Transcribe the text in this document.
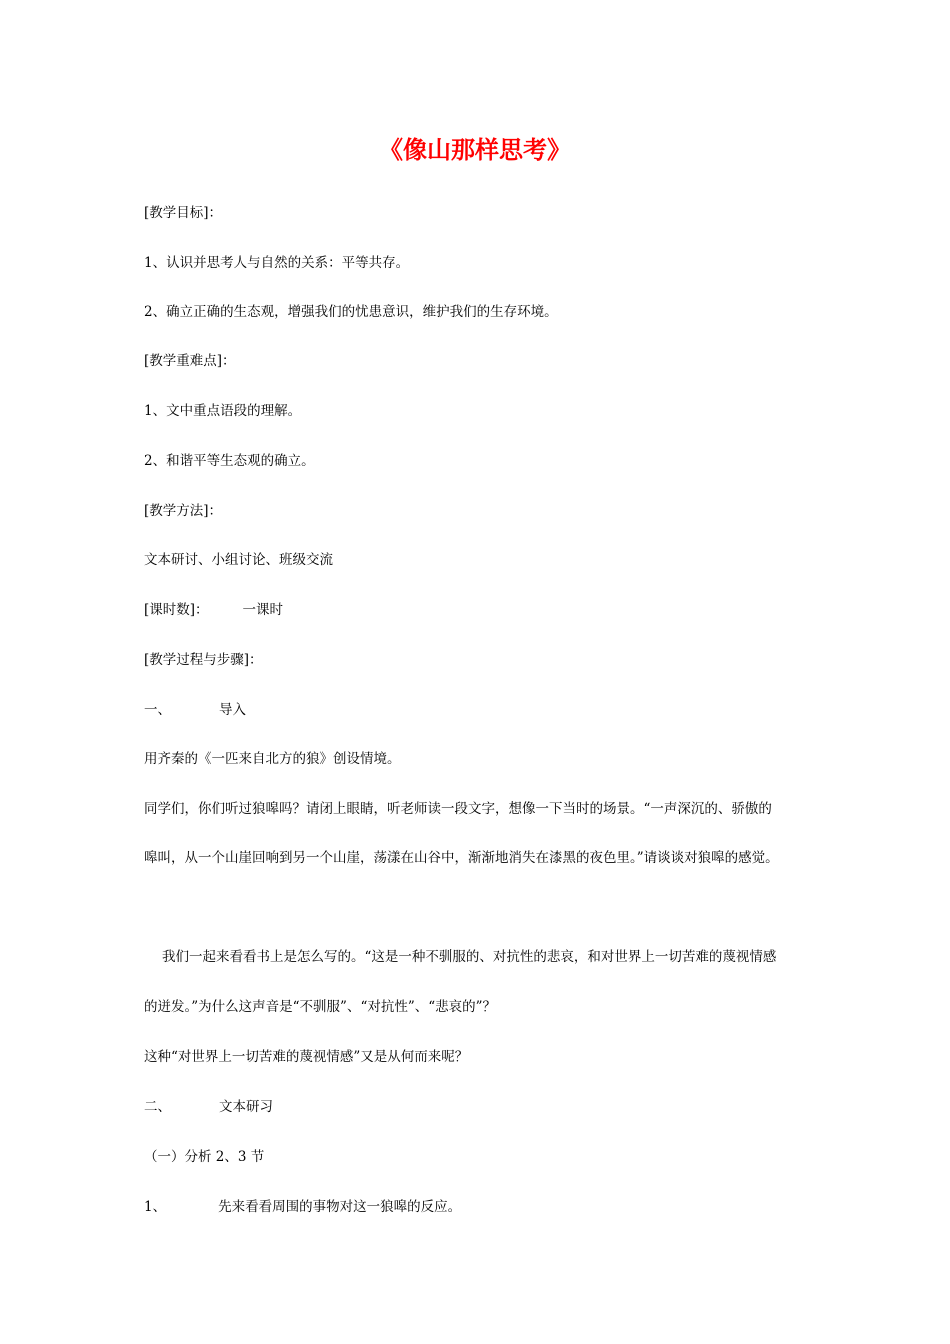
《像山那样思考》
[教学目标]：
1、认识并思考人与自然的关系：平等共存。
2、确立正确的生态观，增强我们的忧患意识，维护我们的生存环境。
[教学重难点]：
1、文中重点语段的理解。
2、和谐平等生态观的确立。
[教学方法]：
文本研讨、小组讨论、班级交流
[课时数]：	一课时
[教学过程与步骤]：
一、	导入
用齐秦的《一匹来自北方的狼》创设情境。
同学们，你们听过狼嗥吗？请闭上眼睛，听老师读一段文字，想像一下当时的场景。“一声深沉的、骄傲的
嗥叫，从一个山崖回响到另一个山崖，荡漾在山谷中，渐渐地消失在漆黑的夜色里。”请谈谈对狼嗥的感觉。
我们一起来看看书上是怎么写的。“这是一种不驯服的、对抗性的悲哀，和对世界上一切苦难的蔑视情感
的迸发。”为什么这声音是“不驯服”、“对抗性”、“悲哀的”？
这种“对世界上一切苦难的蔑视情感”又是从何而来呢？
二、	文本研习
（一）分析 2、3 节
1、	先来看看周围的事物对这一狼嗥的反应。
